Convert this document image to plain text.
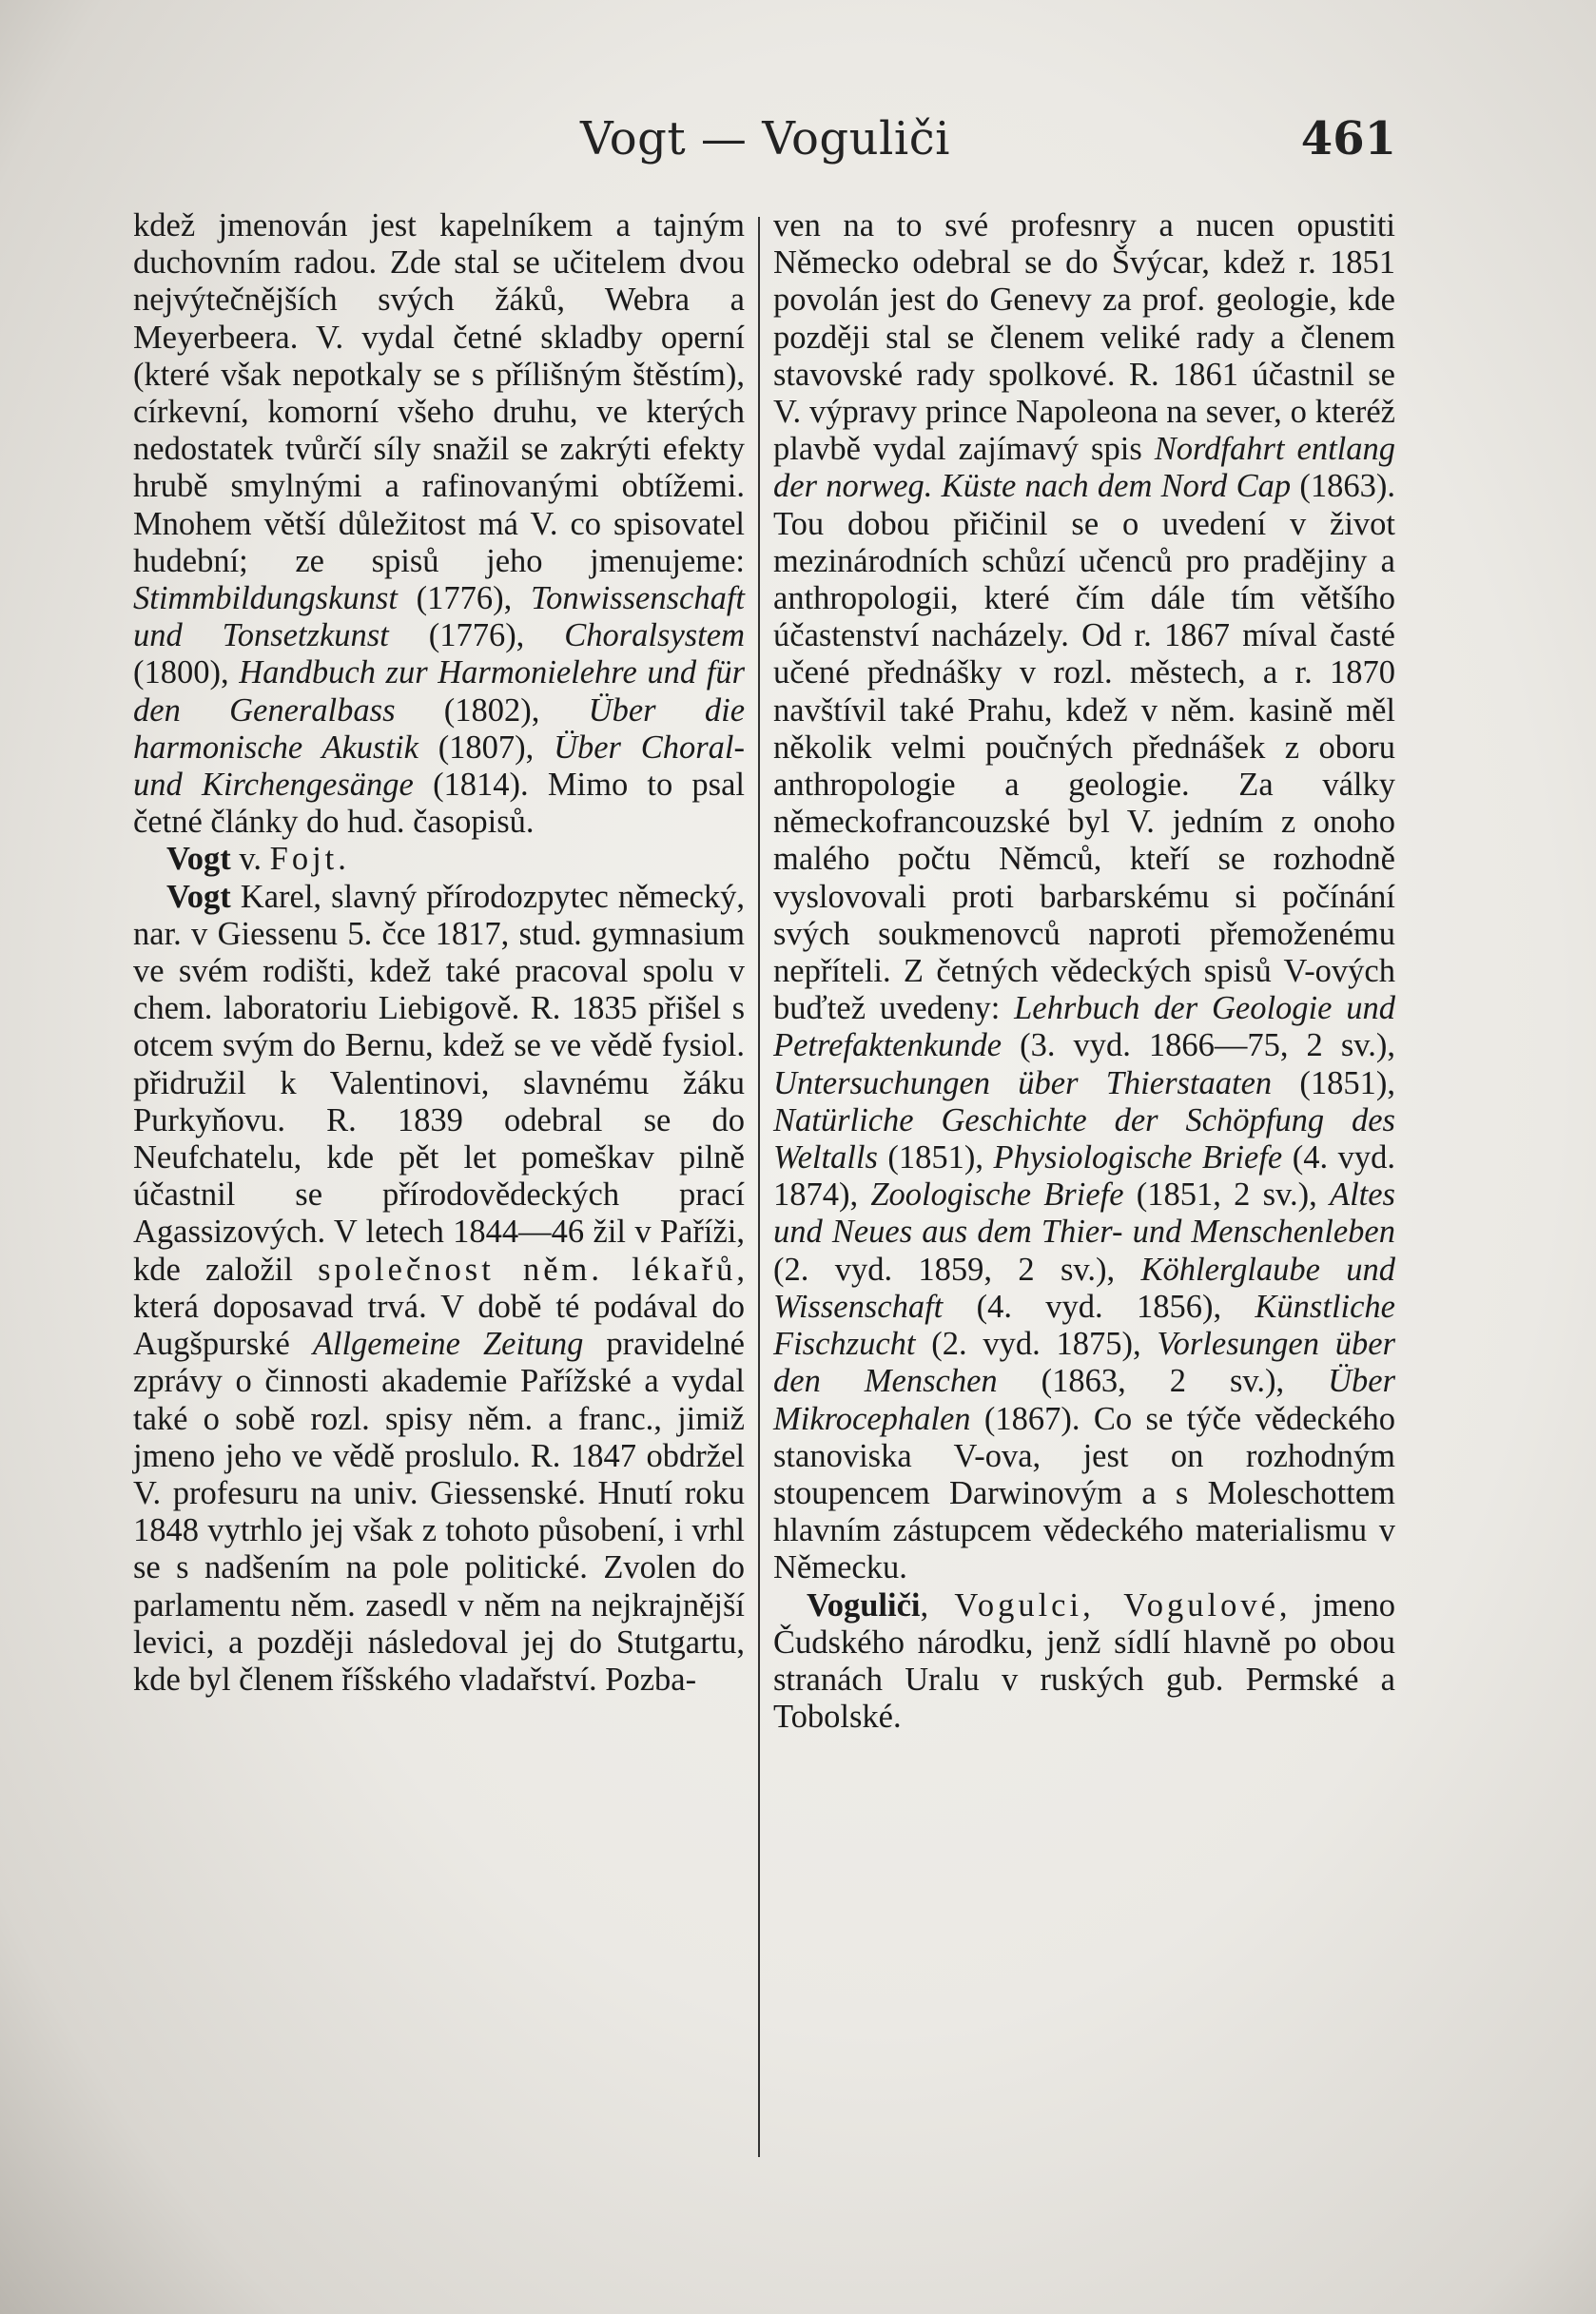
Vogt — Voguliči	461

kdež jmenován jest kapelníkem a tajným duchovním radou. Zde stal se učitelem dvou nejvýtečnějších svých žáků, Webra a Meyerbeera. V. vydal četné skladby operní (které však nepotkaly se s přílišným štěstím), církevní, komorní všeho druhu, ve kterých nedostatek tvůrčí síly snažil se zakrýti efekty hrubě smylnými a rafinovanými obtížemi. Mnohem větší důležitost má V. co spisovatel hudební; ze spisů jeho jmenujeme: Stimmbildungskunst (1776), Tonwissenschaft und Tonsetzkunst (1776), Choralsystem (1800), Handbuch zur Harmonielehre und für den Generalbass (1802), Über die harmonische Akustik (1807), Über Choral- und Kirchengesänge (1814). Mimo to psal četné články do hud. časopisů.

Vogt v. Fojt.

Vogt Karel, slavný přírodozpytec německý, nar. v Giessenu 5. čce 1817, stud. gymnasium ve svém rodišti, kdež také pracoval spolu v chem. laboratoriu Liebigově. R. 1835 přišel s otcem svým do Bernu, kdež se ve vědě fysiol. přidružil k Valentinovi, slavnému žáku Purkyňovu. R. 1839 odebral se do Neufchatelu, kde pět let pomeškav pilně účastnil se přírodovědeckých prací Agassizových. V letech 1844—46 žil v Paříži, kde založil společnost něm. lékařů, která doposavad trvá. V době té podával do Augšpurské Allgemeine Zeitung pravidelné zprávy o činnosti akademie Pařížské a vydal také o sobě rozl. spisy něm. a franc., jimiž jmeno jeho ve vědě proslulo. R. 1847 obdržel V. profesuru na univ. Giessenské. Hnutí roku 1848 vytrhlo jej však z tohoto působení, i vrhl se s nadšením na pole politické. Zvolen do parlamentu něm. zasedl v něm na nejkrajnější levici, a později následoval jej do Stutgartu, kde byl členem říšského vladařství. Pozba-

ven na to své profesnry a nucen opustiti Německo odebral se do Švýcar, kdež r. 1851 povolán jest do Genevy za prof. geologie, kde později stal se členem veliké rady a členem stavovské rady spolkové. R. 1861 účastnil se V. výpravy prince Napoleona na sever, o kteréž plavbě vydal zajímavý spis Nordfahrt entlang der norweg. Küste nach dem Nord Cap (1863). Tou dobou přičinil se o uvedení v život mezinárodních schůzí učenců pro pradějiny a anthropologii, které čím dále tím většího účastenství nacházely. Od r. 1867 míval časté učené přednášky v rozl. městech, a r. 1870 navštívil také Prahu, kdež v něm. kasině měl několik velmi poučných přednášek z oboru anthropologie a geologie. Za války německofrancouzské byl V. jedním z onoho malého počtu Němců, kteří se rozhodně vyslovovali proti barbarskému si počínání svých soukmenovců naproti přemoženému nepříteli. Z četných vědeckých spisů V-ových buďtež uvedeny: Lehrbuch der Geologie und Petrefaktenkunde (3. vyd. 1866—75, 2 sv.), Untersuchungen über Thierstaaten (1851), Natürliche Geschichte der Schöpfung des Weltalls (1851), Physiologische Briefe (4. vyd. 1874), Zoologische Briefe (1851, 2 sv.), Altes und Neues aus dem Thier- und Menschenleben (2. vyd. 1859, 2 sv.), Köhlerglaube und Wissenschaft (4. vyd. 1856), Künstliche Fischzucht (2. vyd. 1875), Vorlesungen über den Menschen (1863, 2 sv.), Über Mikrocephalen (1867). Co se týče vědeckého stanoviska V-ova, jest on rozhodným stoupencem Darwinovým a s Moleschottem hlavním zástupcem vědeckého materialismu v Německu.

Voguliči, Vogulci, Vogulové, jmeno Čudského národku, jenž sídlí hlavně po obou stranách Uralu v ruských gub. Permské a Tobolské.
